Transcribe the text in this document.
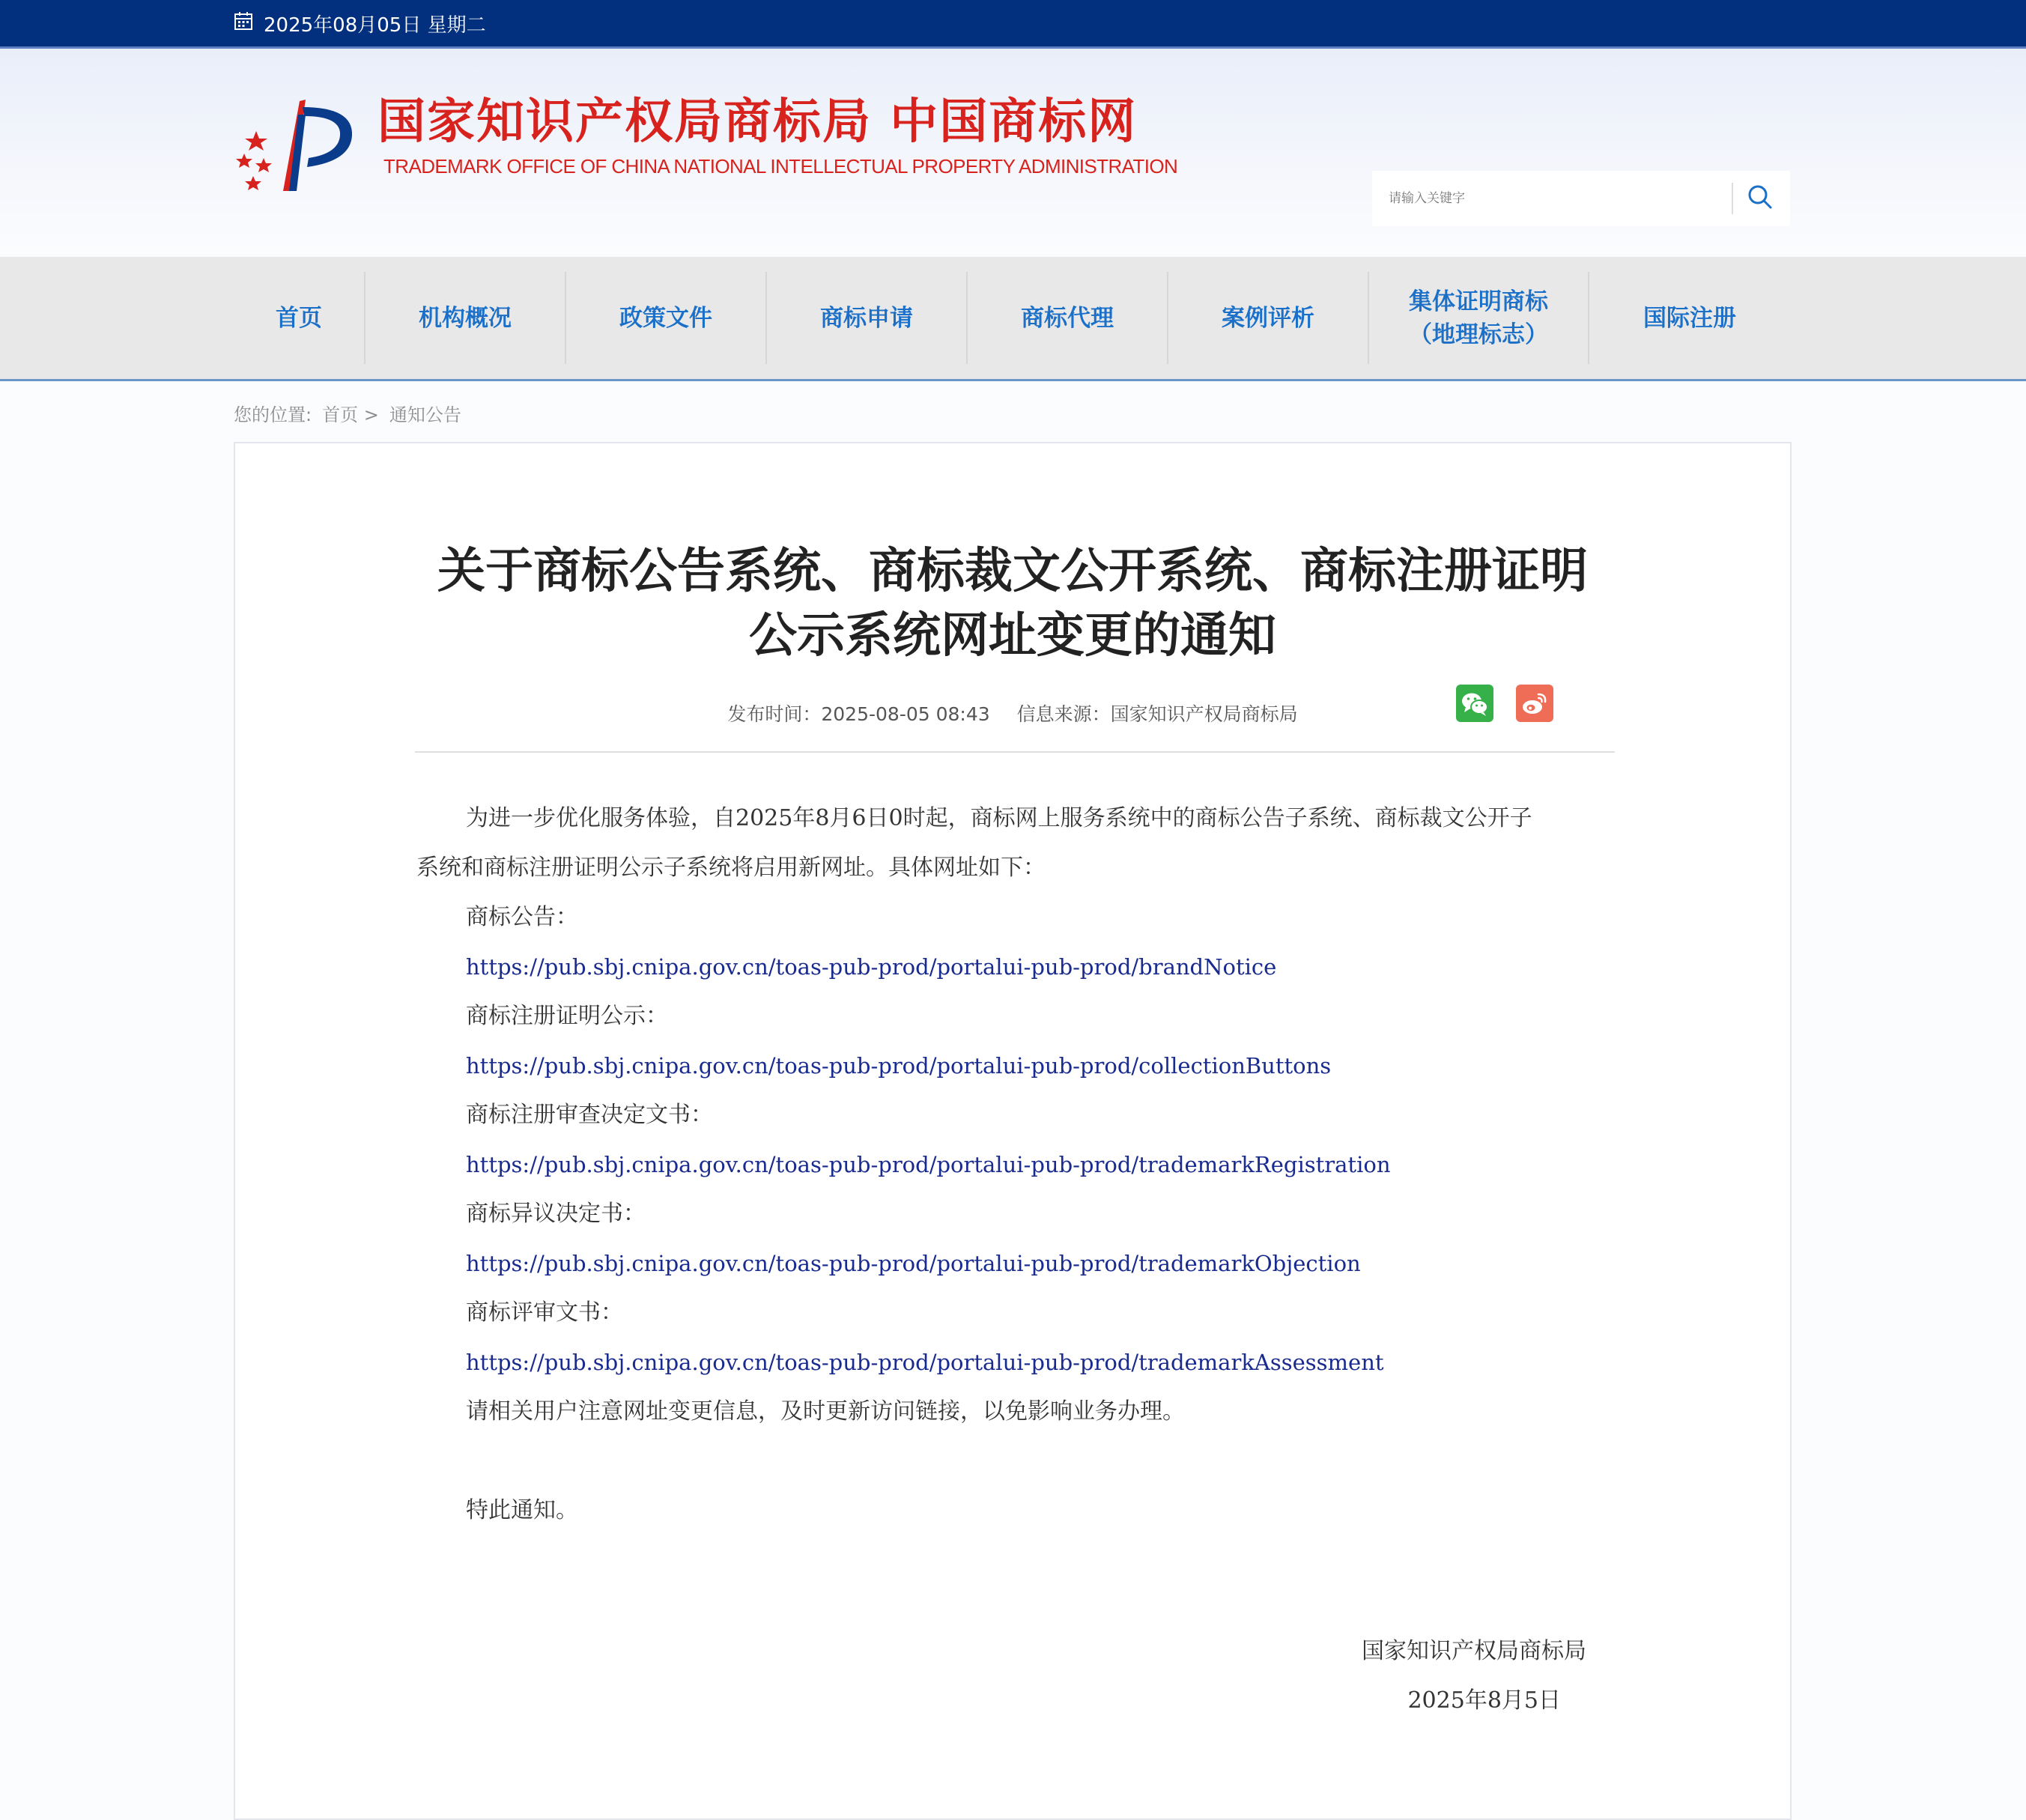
2025年08月05日 星期二
国家知识产权局商标局 中国商标网
TRADEMARK OFFICE OF CHINA NATIONAL INTELLECTUAL PROPERTY ADMINISTRATION
请输入关键字
首页	机构概况	政策文件	商标申请	商标代理	案例评析
集体证明商标
（地理标志）
国际注册
您的位置: 首页 > 通知公告
关于商标公告系统、商标裁文公开系统、商标注册证明
公示系统网址变更的通知
发布时间：2025-08-05 08:43 信息来源：国家知识产权局商标局

为进一步优化服务体验，自2025年8月6日0时起，商标网上服务系统中的商标公告子系统、商标裁文公开子

系统和商标注册证明公示子系统将启用新网址。具体网址如下：

商标公告：

https://pub.sbj.cnipa.gov.cn/toas-pub-prod/portalui-pub-prod/brandNotice

商标注册证明公示：

https://pub.sbj.cnipa.gov.cn/toas-pub-prod/portalui-pub-prod/collectionButtons

商标注册审查决定文书：

https://pub.sbj.cnipa.gov.cn/toas-pub-prod/portalui-pub-prod/trademarkRegistration

商标异议决定书：

https://pub.sbj.cnipa.gov.cn/toas-pub-prod/portalui-pub-prod/trademarkObjection

商标评审文书：

https://pub.sbj.cnipa.gov.cn/toas-pub-prod/portalui-pub-prod/trademarkAssessment

请相关用户注意网址变更信息，及时更新访问链接，以免影响业务办理。

特此通知。

国家知识产权局商标局
2025年8月5日
